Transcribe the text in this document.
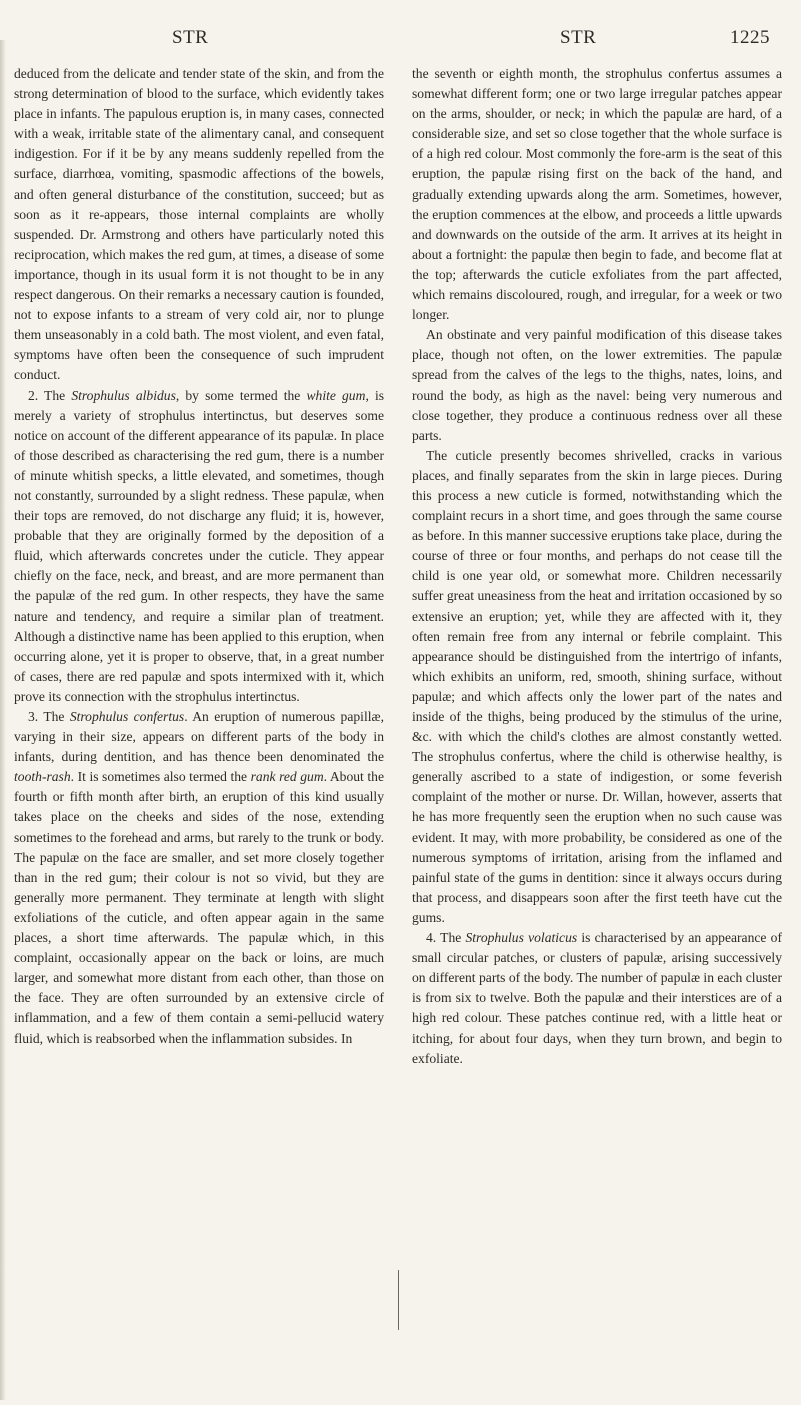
STR	STR	1225

deduced from the delicate and tender state of the skin, and from the strong determination of blood to the surface, which evidently takes place in infants. The papulous eruption is, in many cases, connected with a weak, irritable state of the alimentary canal, and consequent indigestion. For if it be by any means suddenly repelled from the surface, diarrhœa, vomiting, spasmodic affections of the bowels, and often general disturbance of the constitution, succeed; but as soon as it re-appears, those internal complaints are wholly suspended. Dr. Armstrong and others have particularly noted this reciprocation, which makes the red gum, at times, a disease of some importance, though in its usual form it is not thought to be in any respect dangerous. On their remarks a necessary caution is founded, not to expose infants to a stream of very cold air, nor to plunge them unseasonably in a cold bath. The most violent, and even fatal, symptoms have often been the consequence of such imprudent conduct.

2. The Strophulus albidus, by some termed the white gum, is merely a variety of strophulus intertinctus, but deserves some notice on account of the different appearance of its papulæ. In place of those described as characterising the red gum, there is a number of minute whitish specks, a little elevated, and sometimes, though not constantly, surrounded by a slight redness. These papulæ, when their tops are removed, do not discharge any fluid; it is, however, probable that they are originally formed by the deposition of a fluid, which afterwards concretes under the cuticle. They appear chiefly on the face, neck, and breast, and are more permanent than the papulæ of the red gum. In other respects, they have the same nature and tendency, and require a similar plan of treatment. Although a distinctive name has been applied to this eruption, when occurring alone, yet it is proper to observe, that, in a great number of cases, there are red papulæ and spots intermixed with it, which prove its connection with the strophulus intertinctus.

3. The Strophulus confertus. An eruption of numerous papillæ, varying in their size, appears on different parts of the body in infants, during dentition, and has thence been denominated the tooth-rash. It is sometimes also termed the rank red gum. About the fourth or fifth month after birth, an eruption of this kind usually takes place on the cheeks and sides of the nose, extending sometimes to the forehead and arms, but rarely to the trunk or body. The papulæ on the face are smaller, and set more closely together than in the red gum; their colour is not so vivid, but they are generally more permanent. They terminate at length with slight exfoliations of the cuticle, and often appear again in the same places, a short time afterwards. The papulæ which, in this complaint, occasionally appear on the back or loins, are much larger, and somewhat more distant from each other, than those on the face. They are often surrounded by an extensive circle of inflammation, and a few of them contain a semi-pellucid watery fluid, which is reabsorbed when the inflammation subsides. In

the seventh or eighth month, the strophulus confertus assumes a somewhat different form; one or two large irregular patches appear on the arms, shoulder, or neck; in which the papulæ are hard, of a considerable size, and set so close together that the whole surface is of a high red colour. Most commonly the fore-arm is the seat of this eruption, the papulæ rising first on the back of the hand, and gradually extending upwards along the arm. Sometimes, however, the eruption commences at the elbow, and proceeds a little upwards and downwards on the outside of the arm. It arrives at its height in about a fortnight: the papulæ then begin to fade, and become flat at the top; afterwards the cuticle exfoliates from the part affected, which remains discoloured, rough, and irregular, for a week or two longer.

An obstinate and very painful modification of this disease takes place, though not often, on the lower extremities. The papulæ spread from the calves of the legs to the thighs, nates, loins, and round the body, as high as the navel: being very numerous and close together, they produce a continuous redness over all these parts.

The cuticle presently becomes shrivelled, cracks in various places, and finally separates from the skin in large pieces. During this process a new cuticle is formed, notwithstanding which the complaint recurs in a short time, and goes through the same course as before. In this manner successive eruptions take place, during the course of three or four months, and perhaps do not cease till the child is one year old, or somewhat more. Children necessarily suffer great uneasiness from the heat and irritation occasioned by so extensive an eruption; yet, while they are affected with it, they often remain free from any internal or febrile complaint. This appearance should be distinguished from the intertrigo of infants, which exhibits an uniform, red, smooth, shining surface, without papulæ; and which affects only the lower part of the nates and inside of the thighs, being produced by the stimulus of the urine, &c. with which the child's clothes are almost constantly wetted. The strophulus confertus, where the child is otherwise healthy, is generally ascribed to a state of indigestion, or some feverish complaint of the mother or nurse. Dr. Willan, however, asserts that he has more frequently seen the eruption when no such cause was evident. It may, with more probability, be considered as one of the numerous symptoms of irritation, arising from the inflamed and painful state of the gums in dentition: since it always occurs during that process, and disappears soon after the first teeth have cut the gums.

4. The Strophulus volaticus is characterised by an appearance of small circular patches, or clusters of papulæ, arising successively on different parts of the body. The number of papulæ in each cluster is from six to twelve. Both the papulæ and their interstices are of a high red colour. These patches continue red, with a little heat or itching, for about four days, when they turn brown, and begin to exfoliate.
